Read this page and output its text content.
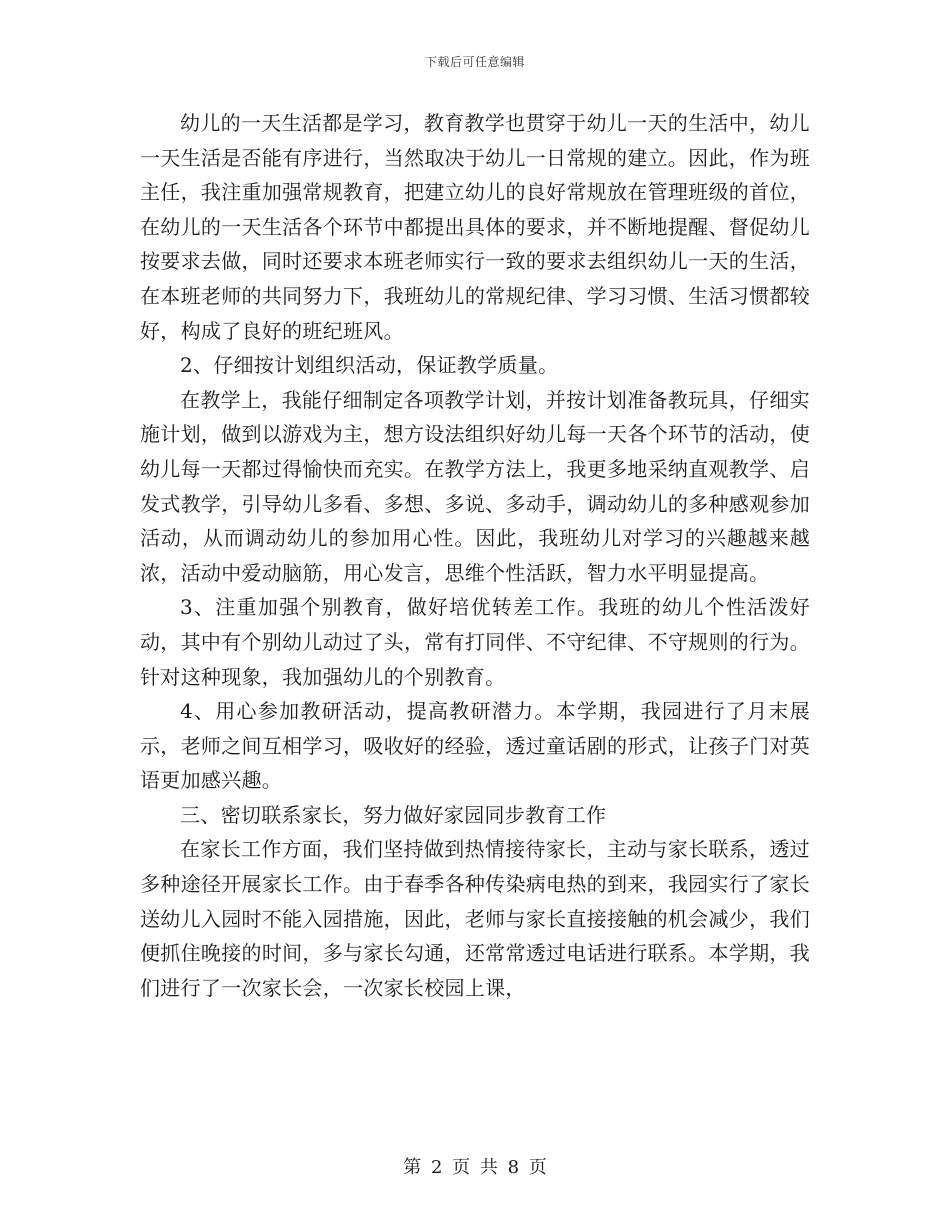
下载后可任意编辑

幼儿的一天生活都是学习，教育教学也贯穿于幼儿一天的生活中，幼儿一天生活是否能有序进行，当然取决于幼儿一日常规的建立。因此，作为班主任，我注重加强常规教育，把建立幼儿的良好常规放在管理班级的首位，在幼儿的一天生活各个环节中都提出具体的要求，并不断地提醒、督促幼儿按要求去做，同时还要求本班老师实行一致的要求去组织幼儿一天的生活，在本班老师的共同努力下，我班幼儿的常规纪律、学习习惯、生活习惯都较好，构成了良好的班纪班风。

2、仔细按计划组织活动，保证教学质量。

在教学上，我能仔细制定各项教学计划，并按计划准备教玩具，仔细实施计划，做到以游戏为主，想方设法组织好幼儿每一天各个环节的活动，使幼儿每一天都过得愉快而充实。在教学方法上，我更多地采纳直观教学、启发式教学，引导幼儿多看、多想、多说、多动手，调动幼儿的多种感观参加活动，从而调动幼儿的参加用心性。因此，我班幼儿对学习的兴趣越来越浓，活动中爱动脑筋，用心发言，思维个性活跃，智力水平明显提高。

3、注重加强个别教育，做好培优转差工作。我班的幼儿个性活泼好动，其中有个别幼儿动过了头，常有打同伴、不守纪律、不守规则的行为。针对这种现象，我加强幼儿的个别教育。

4、用心参加教研活动，提高教研潜力。本学期，我园进行了月末展示，老师之间互相学习，吸收好的经验，透过童话剧的形式，让孩子门对英语更加感兴趣。

三、密切联系家长，努力做好家园同步教育工作

在家长工作方面，我们坚持做到热情接待家长，主动与家长联系，透过多种途径开展家长工作。由于春季各种传染病电热的到来，我园实行了家长送幼儿入园时不能入园措施，因此，老师与家长直接接触的机会减少，我们便抓住晚接的时间，多与家长勾通，还常常透过电话进行联系。本学期，我们进行了一次家长会，一次家长校园上课，

第 2 页 共 8 页
